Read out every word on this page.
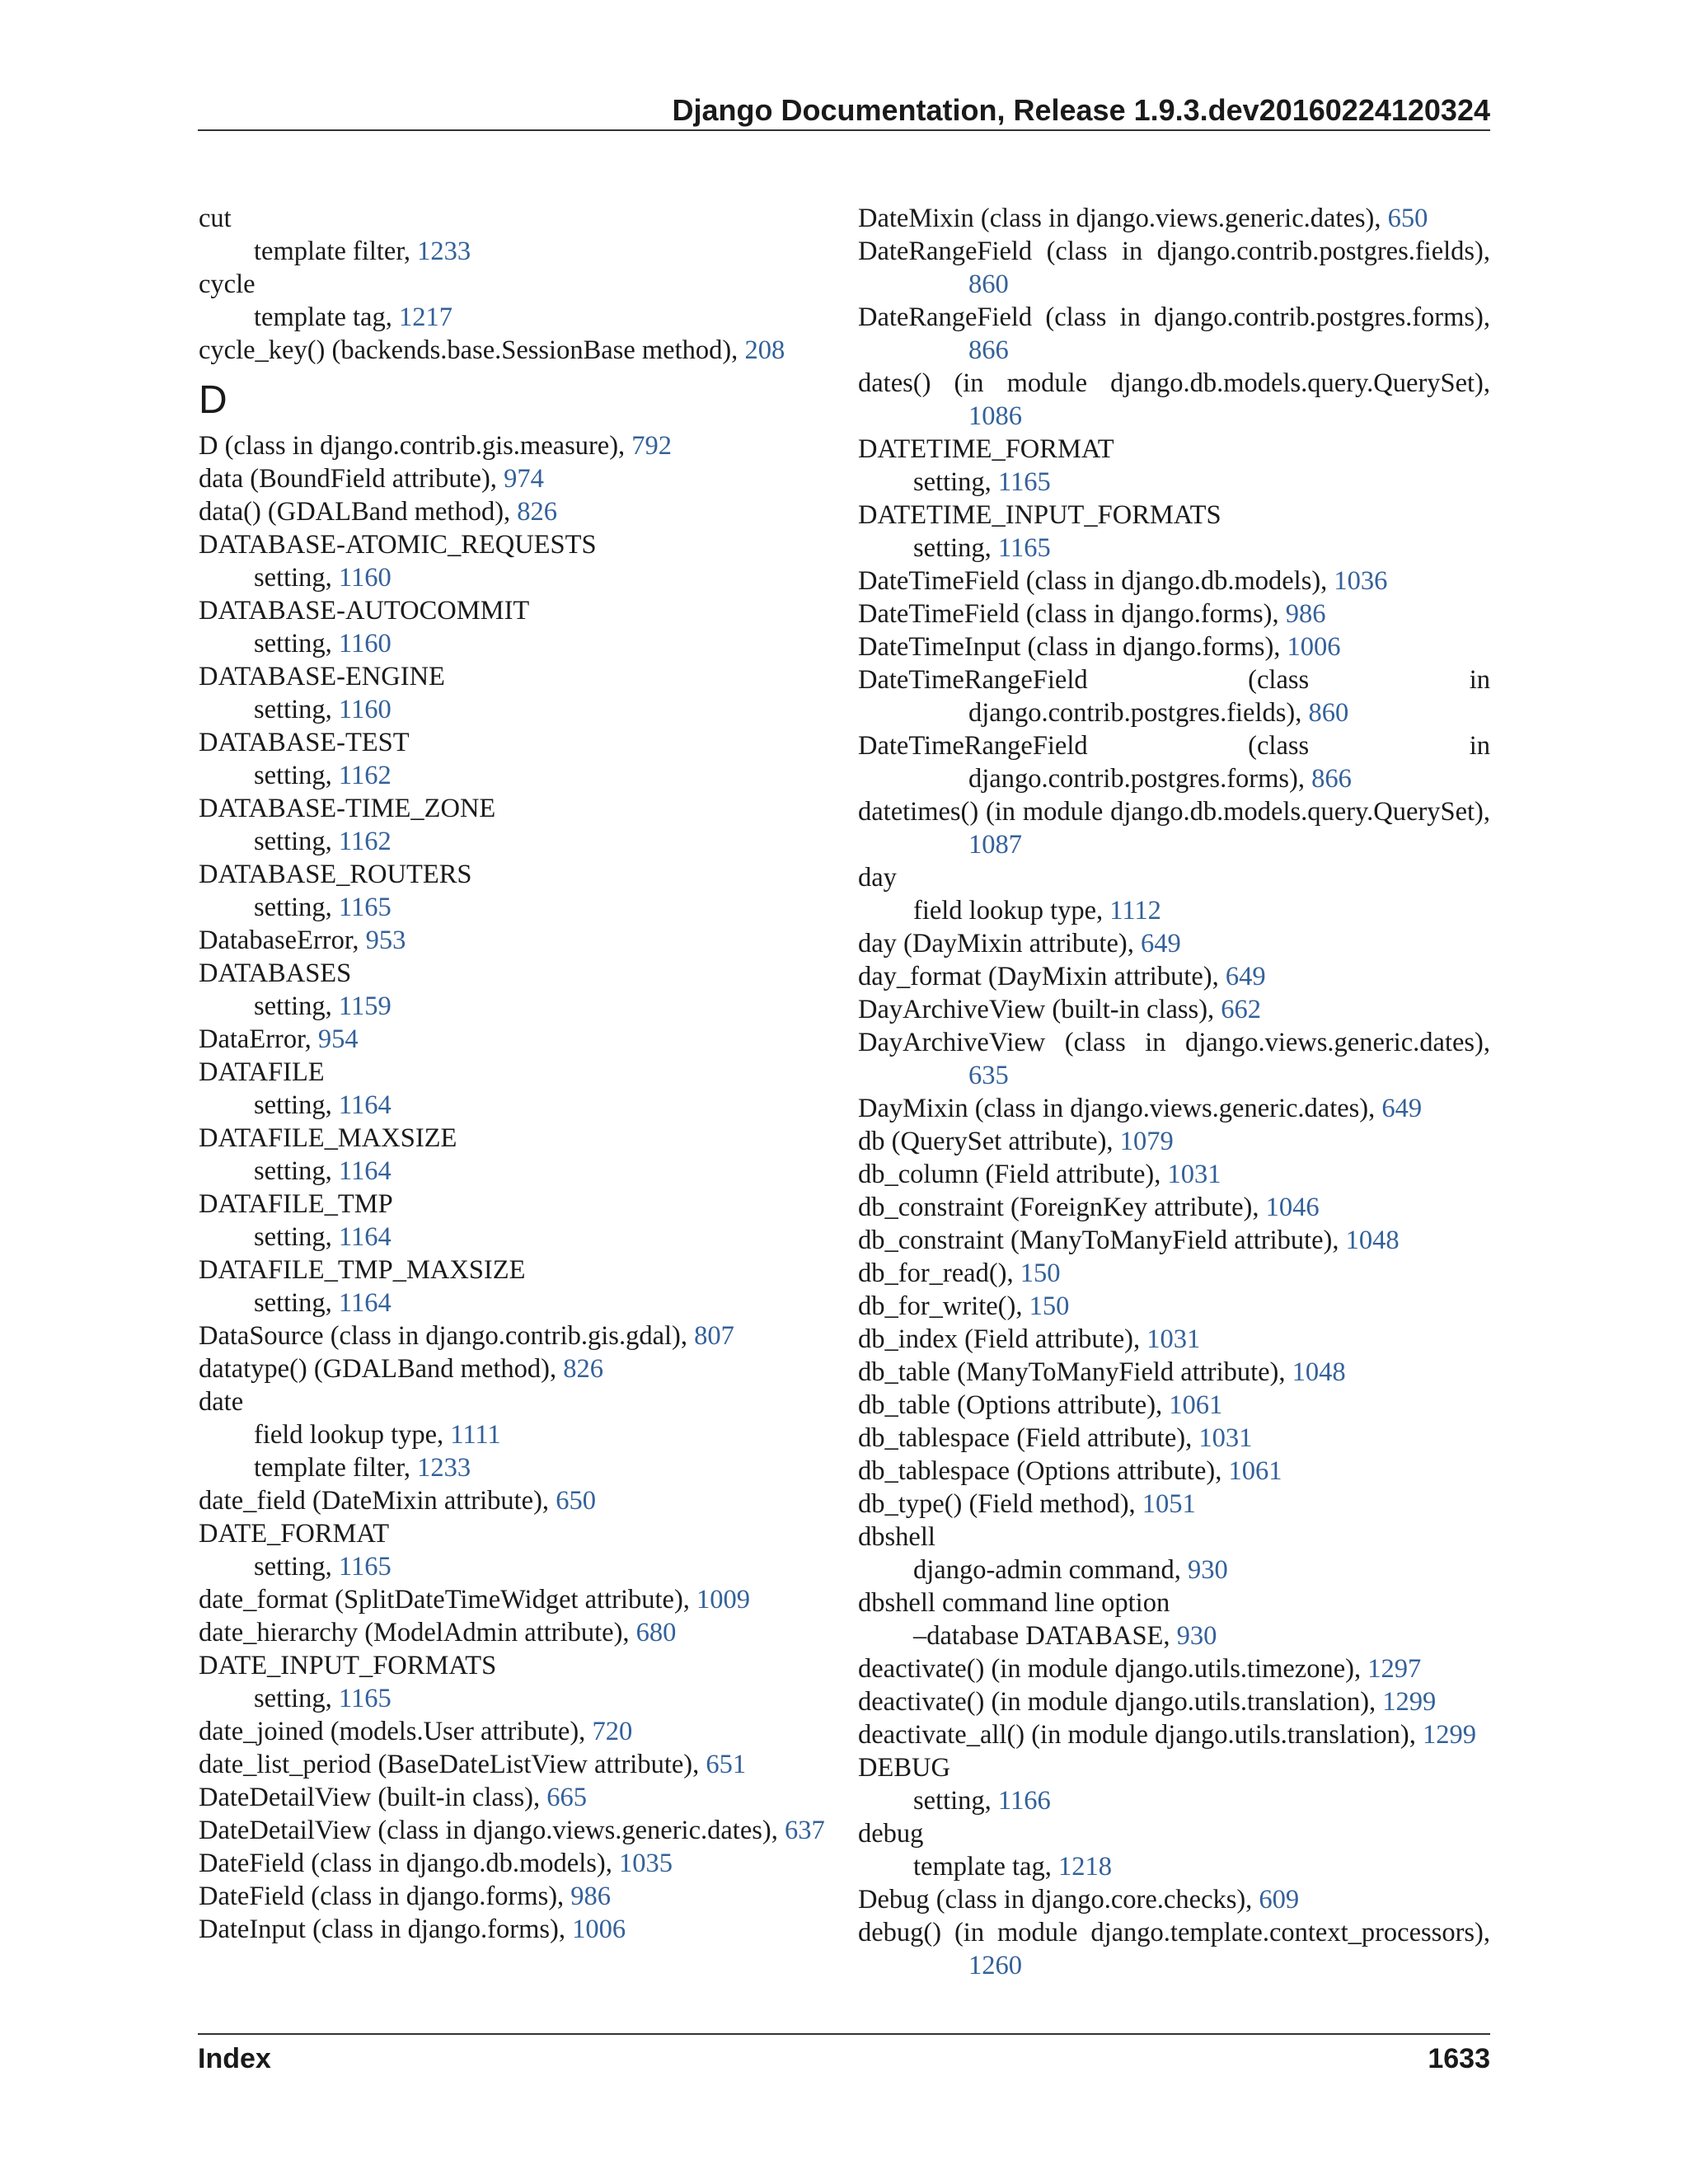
Django Documentation, Release 1.9.3.dev20160224120324
cut
template filter, 1233
cycle
template tag, 1217
cycle_key() (backends.base.SessionBase method), 208
D
D (class in django.contrib.gis.measure), 792
data (BoundField attribute), 974
data() (GDALBand method), 826
DATABASE-ATOMIC_REQUESTS
setting, 1160
DATABASE-AUTOCOMMIT
setting, 1160
DATABASE-ENGINE
setting, 1160
DATABASE-TEST
setting, 1162
DATABASE-TIME_ZONE
setting, 1162
DATABASE_ROUTERS
setting, 1165
DatabaseError, 953
DATABASES
setting, 1159
DataError, 954
DATAFILE
setting, 1164
DATAFILE_MAXSIZE
setting, 1164
DATAFILE_TMP
setting, 1164
DATAFILE_TMP_MAXSIZE
setting, 1164
DataSource (class in django.contrib.gis.gdal), 807
datatype() (GDALBand method), 826
date
field lookup type, 1111
template filter, 1233
date_field (DateMixin attribute), 650
DATE_FORMAT
setting, 1165
date_format (SplitDateTimeWidget attribute), 1009
date_hierarchy (ModelAdmin attribute), 680
DATE_INPUT_FORMATS
setting, 1165
date_joined (models.User attribute), 720
date_list_period (BaseDateListView attribute), 651
DateDetailView (built-in class), 665
DateDetailView (class in django.views.generic.dates), 637
DateField (class in django.db.models), 1035
DateField (class in django.forms), 986
DateInput (class in django.forms), 1006
DateMixin (class in django.views.generic.dates), 650
DateRangeField (class in django.contrib.postgres.fields), 860
DateRangeField (class in django.contrib.postgres.forms), 866
dates() (in module django.db.models.query.QuerySet), 1086
DATETIME_FORMAT
setting, 1165
DATETIME_INPUT_FORMATS
setting, 1165
DateTimeField (class in django.db.models), 1036
DateTimeField (class in django.forms), 986
DateTimeInput (class in django.forms), 1006
DateTimeRangeField (class in django.contrib.postgres.fields), 860
DateTimeRangeField (class in django.contrib.postgres.forms), 866
datetimes() (in module django.db.models.query.QuerySet), 1087
day
field lookup type, 1112
day (DayMixin attribute), 649
day_format (DayMixin attribute), 649
DayArchiveView (built-in class), 662
DayArchiveView (class in django.views.generic.dates), 635
DayMixin (class in django.views.generic.dates), 649
db (QuerySet attribute), 1079
db_column (Field attribute), 1031
db_constraint (ForeignKey attribute), 1046
db_constraint (ManyToManyField attribute), 1048
db_for_read(), 150
db_for_write(), 150
db_index (Field attribute), 1031
db_table (ManyToManyField attribute), 1048
db_table (Options attribute), 1061
db_tablespace (Field attribute), 1031
db_tablespace (Options attribute), 1061
db_type() (Field method), 1051
dbshell
django-admin command, 930
dbshell command line option
–database DATABASE, 930
deactivate() (in module django.utils.timezone), 1297
deactivate() (in module django.utils.translation), 1299
deactivate_all() (in module django.utils.translation), 1299
DEBUG
setting, 1166
debug
template tag, 1218
Debug (class in django.core.checks), 609
debug() (in module django.template.context_processors), 1260
Index	1633
